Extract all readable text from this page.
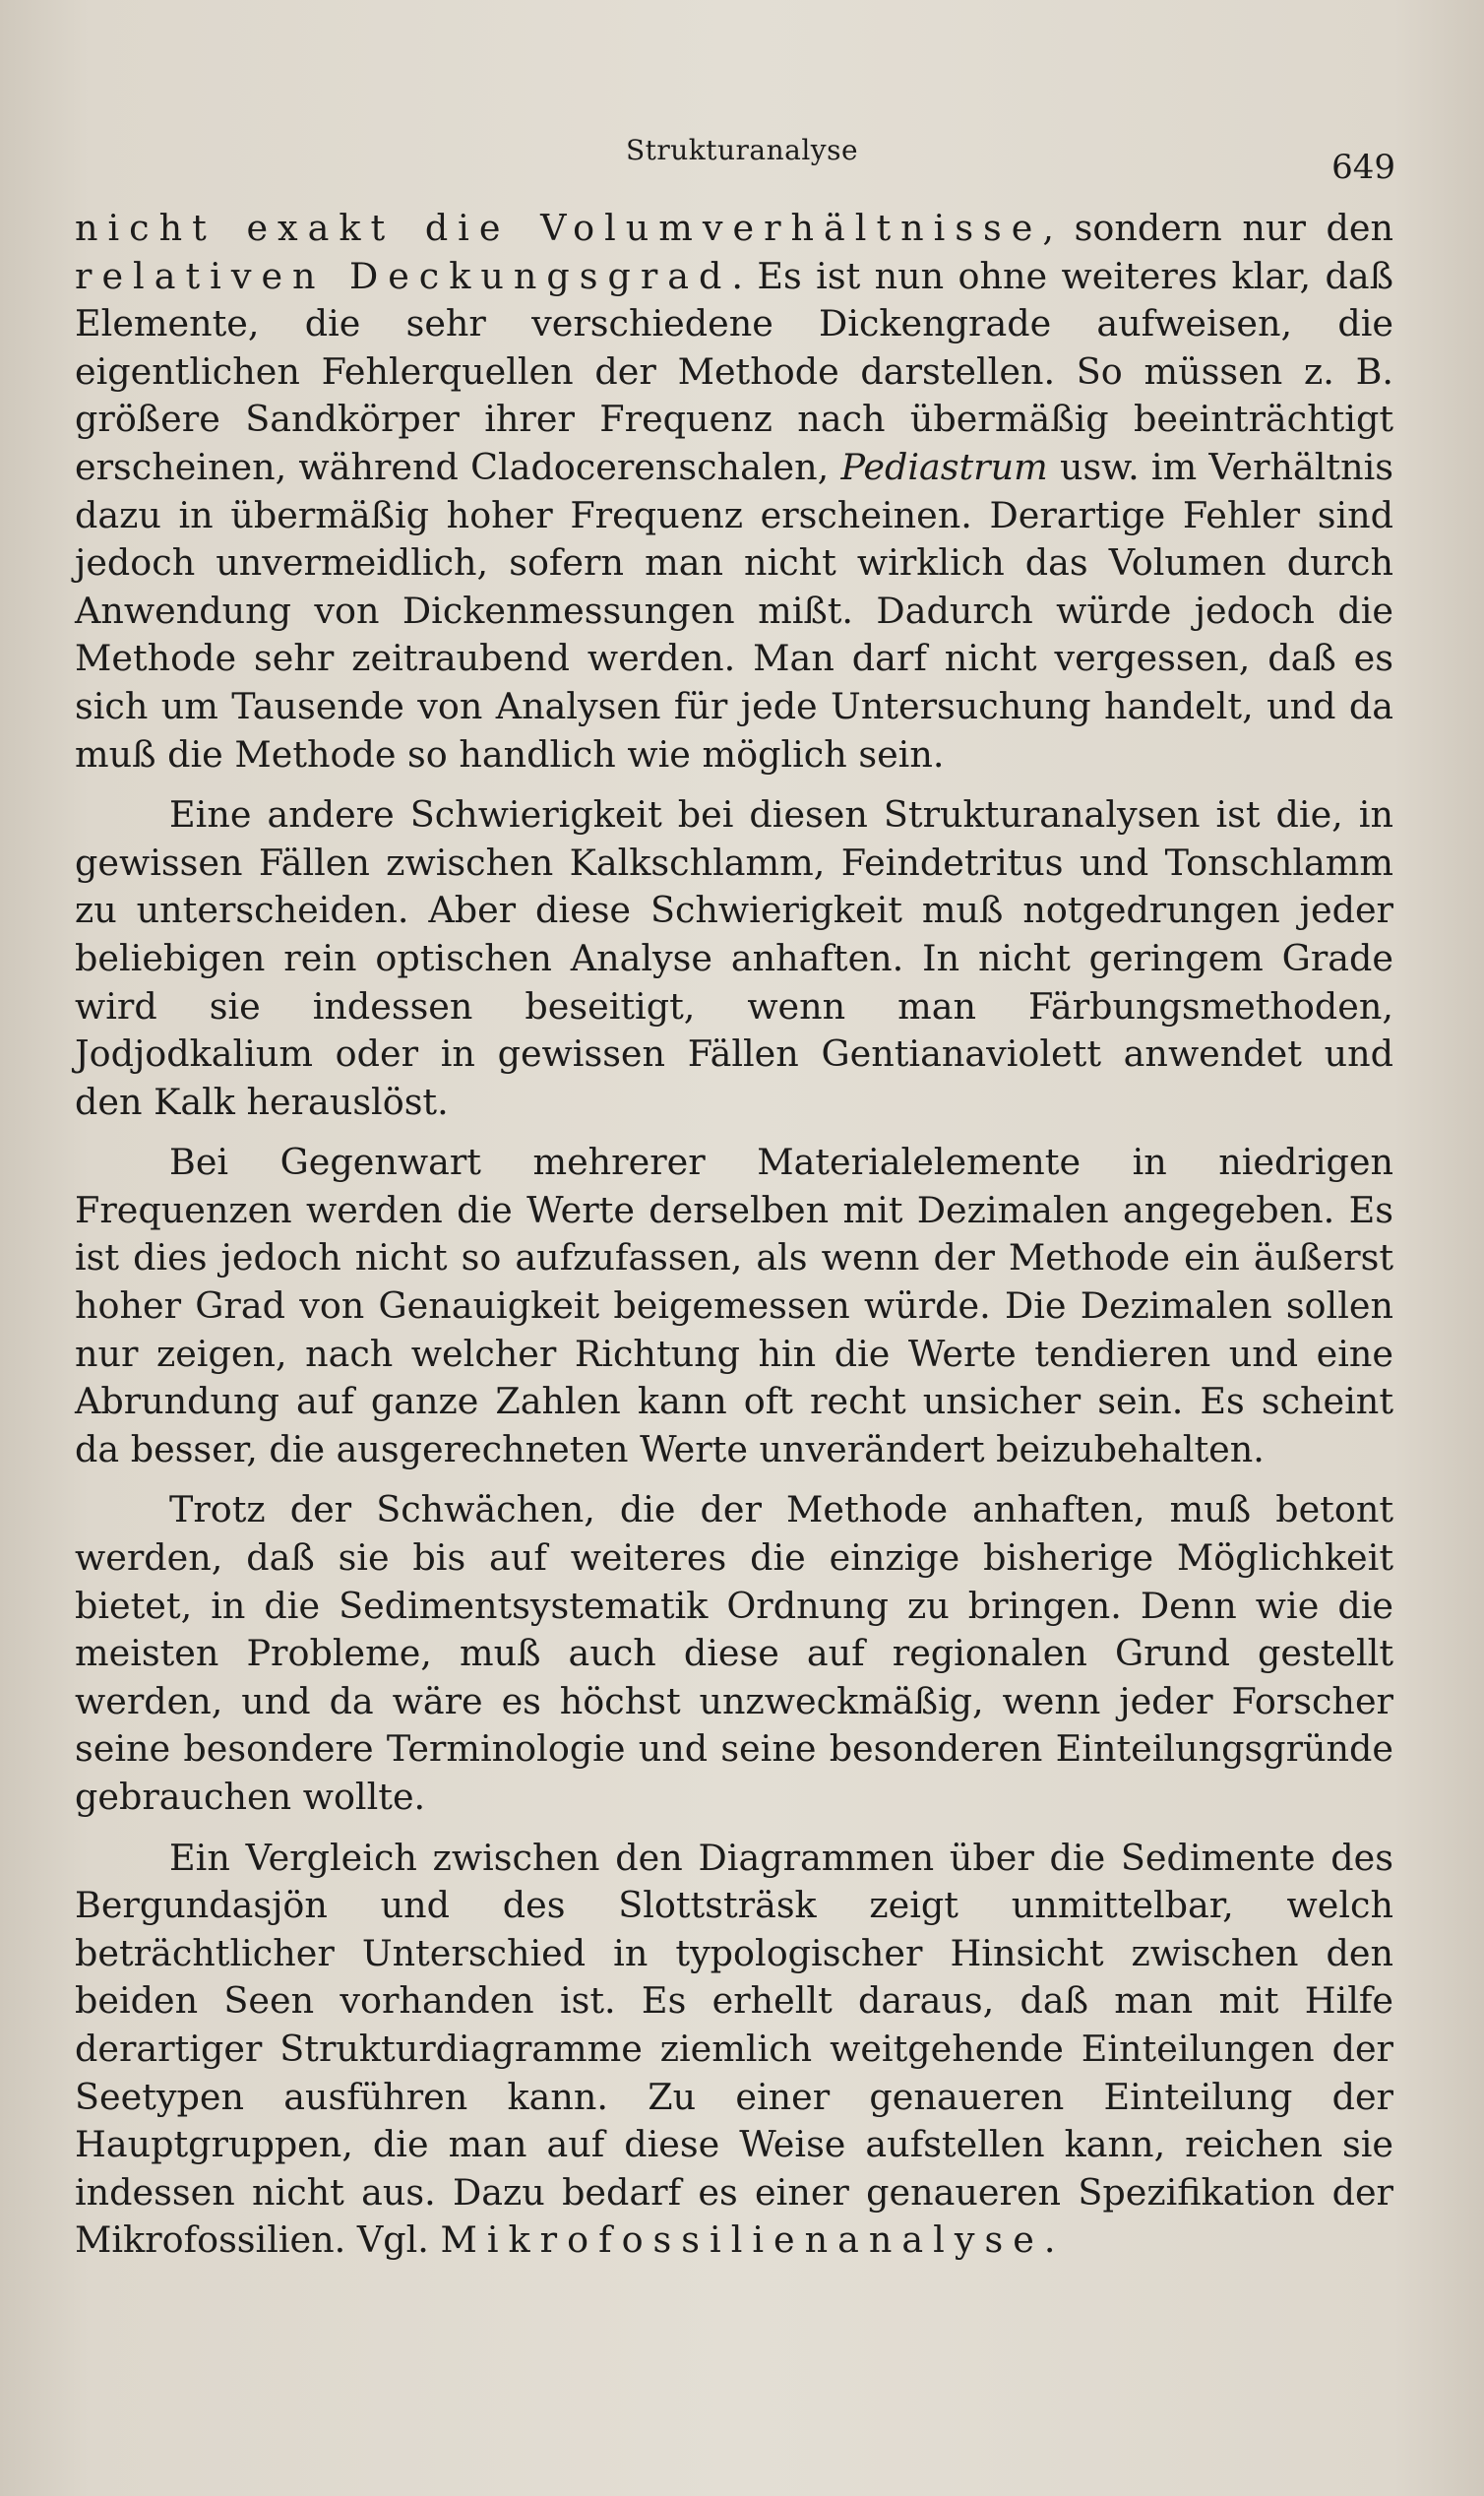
Strukturanalyse	649

nicht exakt die Volumverhältnisse, sondern nur den relativen Deckungsgrad. Es ist nun ohne weiteres klar, daß Elemente, die sehr verschiedene Dickengrade aufweisen, die eigentlichen Fehlerquellen der Methode darstellen. So müssen z. B. größere Sandkörper ihrer Frequenz nach übermäßig beeinträchtigt erscheinen, während Cladocerenschalen, Pediastrum usw. im Verhältnis dazu in übermäßig hoher Frequenz erscheinen. Derartige Fehler sind jedoch unvermeidlich, sofern man nicht wirklich das Volumen durch Anwendung von Dickenmessungen mißt. Dadurch würde jedoch die Methode sehr zeitraubend werden. Man darf nicht vergessen, daß es sich um Tausende von Analysen für jede Untersuchung handelt, und da muß die Methode so handlich wie möglich sein.

Eine andere Schwierigkeit bei diesen Strukturanalysen ist die, in gewissen Fällen zwischen Kalkschlamm, Feindetritus und Tonschlamm zu unterscheiden. Aber diese Schwierigkeit muß notgedrungen jeder beliebigen rein optischen Analyse anhaften. In nicht geringem Grade wird sie indessen beseitigt, wenn man Färbungsmethoden, Jodjodkalium oder in gewissen Fällen Gentianaviolett anwendet und den Kalk herauslöst.

Bei Gegenwart mehrerer Materialelemente in niedrigen Frequenzen werden die Werte derselben mit Dezimalen angegeben. Es ist dies jedoch nicht so aufzufassen, als wenn der Methode ein äußerst hoher Grad von Genauigkeit beigemessen würde. Die Dezimalen sollen nur zeigen, nach welcher Richtung hin die Werte tendieren und eine Abrundung auf ganze Zahlen kann oft recht unsicher sein. Es scheint da besser, die ausgerechneten Werte unverändert beizubehalten.

Trotz der Schwächen, die der Methode anhaften, muß betont werden, daß sie bis auf weiteres die einzige bisherige Möglichkeit bietet, in die Sedimentsystematik Ordnung zu bringen. Denn wie die meisten Probleme, muß auch diese auf regionalen Grund gestellt werden, und da wäre es höchst unzweckmäßig, wenn jeder Forscher seine besondere Terminologie und seine besonderen Einteilungsgründe gebrauchen wollte.

Ein Vergleich zwischen den Diagrammen über die Sedimente des Bergundasjön und des Slottsträsk zeigt unmittelbar, welch beträchtlicher Unterschied in typologischer Hinsicht zwischen den beiden Seen vorhanden ist. Es erhellt daraus, daß man mit Hilfe derartiger Strukturdiagramme ziemlich weitgehende Einteilungen der Seetypen ausführen kann. Zu einer genaueren Einteilung der Hauptgruppen, die man auf diese Weise aufstellen kann, reichen sie indessen nicht aus. Dazu bedarf es einer genaueren Spezifikation der Mikrofossilien. Vgl. Mikrofossilienanalyse.
